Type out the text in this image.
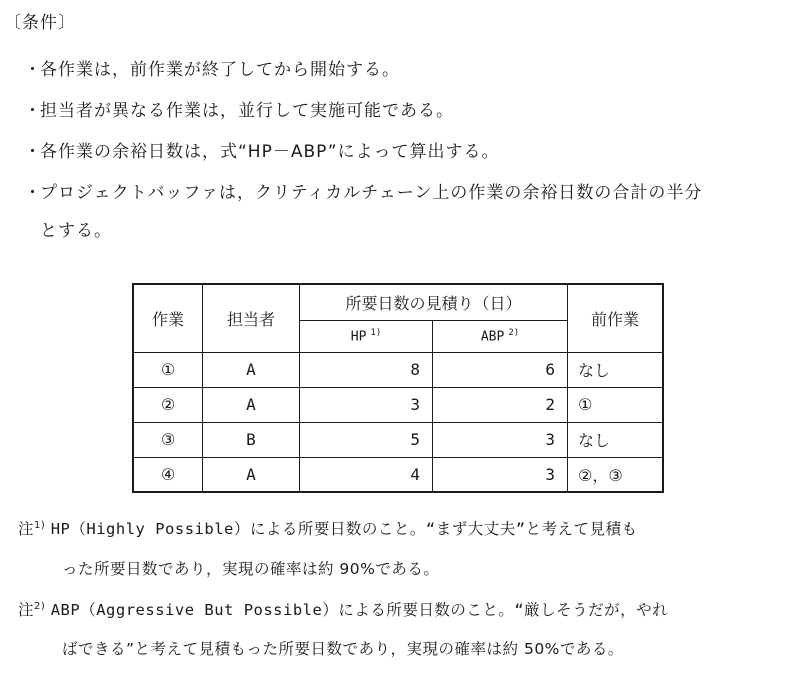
〔条件〕
・各作業は，前作業が終了してから開始する。
・担当者が異なる作業は，並行して実施可能である。
・各作業の余裕日数は，式“HP－ABP”によって算出する。
・プロジェクトバッファは，クリティカルチェーン上の作業の余裕日数の合計の半分
とする。
作業	担当者	所要日数の見積り（日）		前作業
		HP $^{1)}$	ABP $^{2)}$
①	A	8	6	なし
②	A	3	2	①
③	B	5	3	なし
④	A	4	3	②，③
注$^{1)}$ HP（Highly Possible）による所要日数のこと。“まず大丈夫”と考えて見積も
った所要日数であり，実現の確率は約 90%である。
注$^{2)}$ ABP（Aggressive But Possible）による所要日数のこと。“厳しそうだが，やれ
ばできる”と考えて見積もった所要日数であり，実現の確率は約 50%である。
